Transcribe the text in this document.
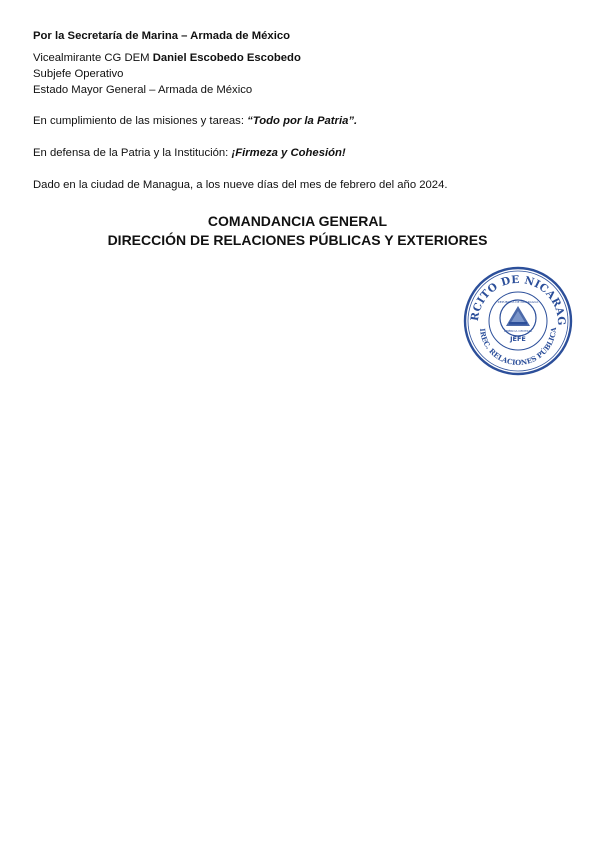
Por la Secretaría de Marina – Armada de México
Vicealmirante CG DEM Daniel Escobedo Escobedo
Subjefe Operativo
Estado Mayor General – Armada de México
En cumplimiento de las misiones y tareas: “Todo por la Patria”.
En defensa de la Patria y la Institución: ¡Firmeza y Cohesión!
Dado en la ciudad de Managua, a los nueve días del mes de febrero del año 2024.
COMANDANCIA GENERAL
DIRECCIÓN DE RELACIONES PÚBLICAS Y EXTERIORES
RCITO DE NICARAG
IREC. RELACIONES PÚBLICA
JEFE
REPÚBLICA DE NICARAGUA
AMÉRICA CENTRAL
